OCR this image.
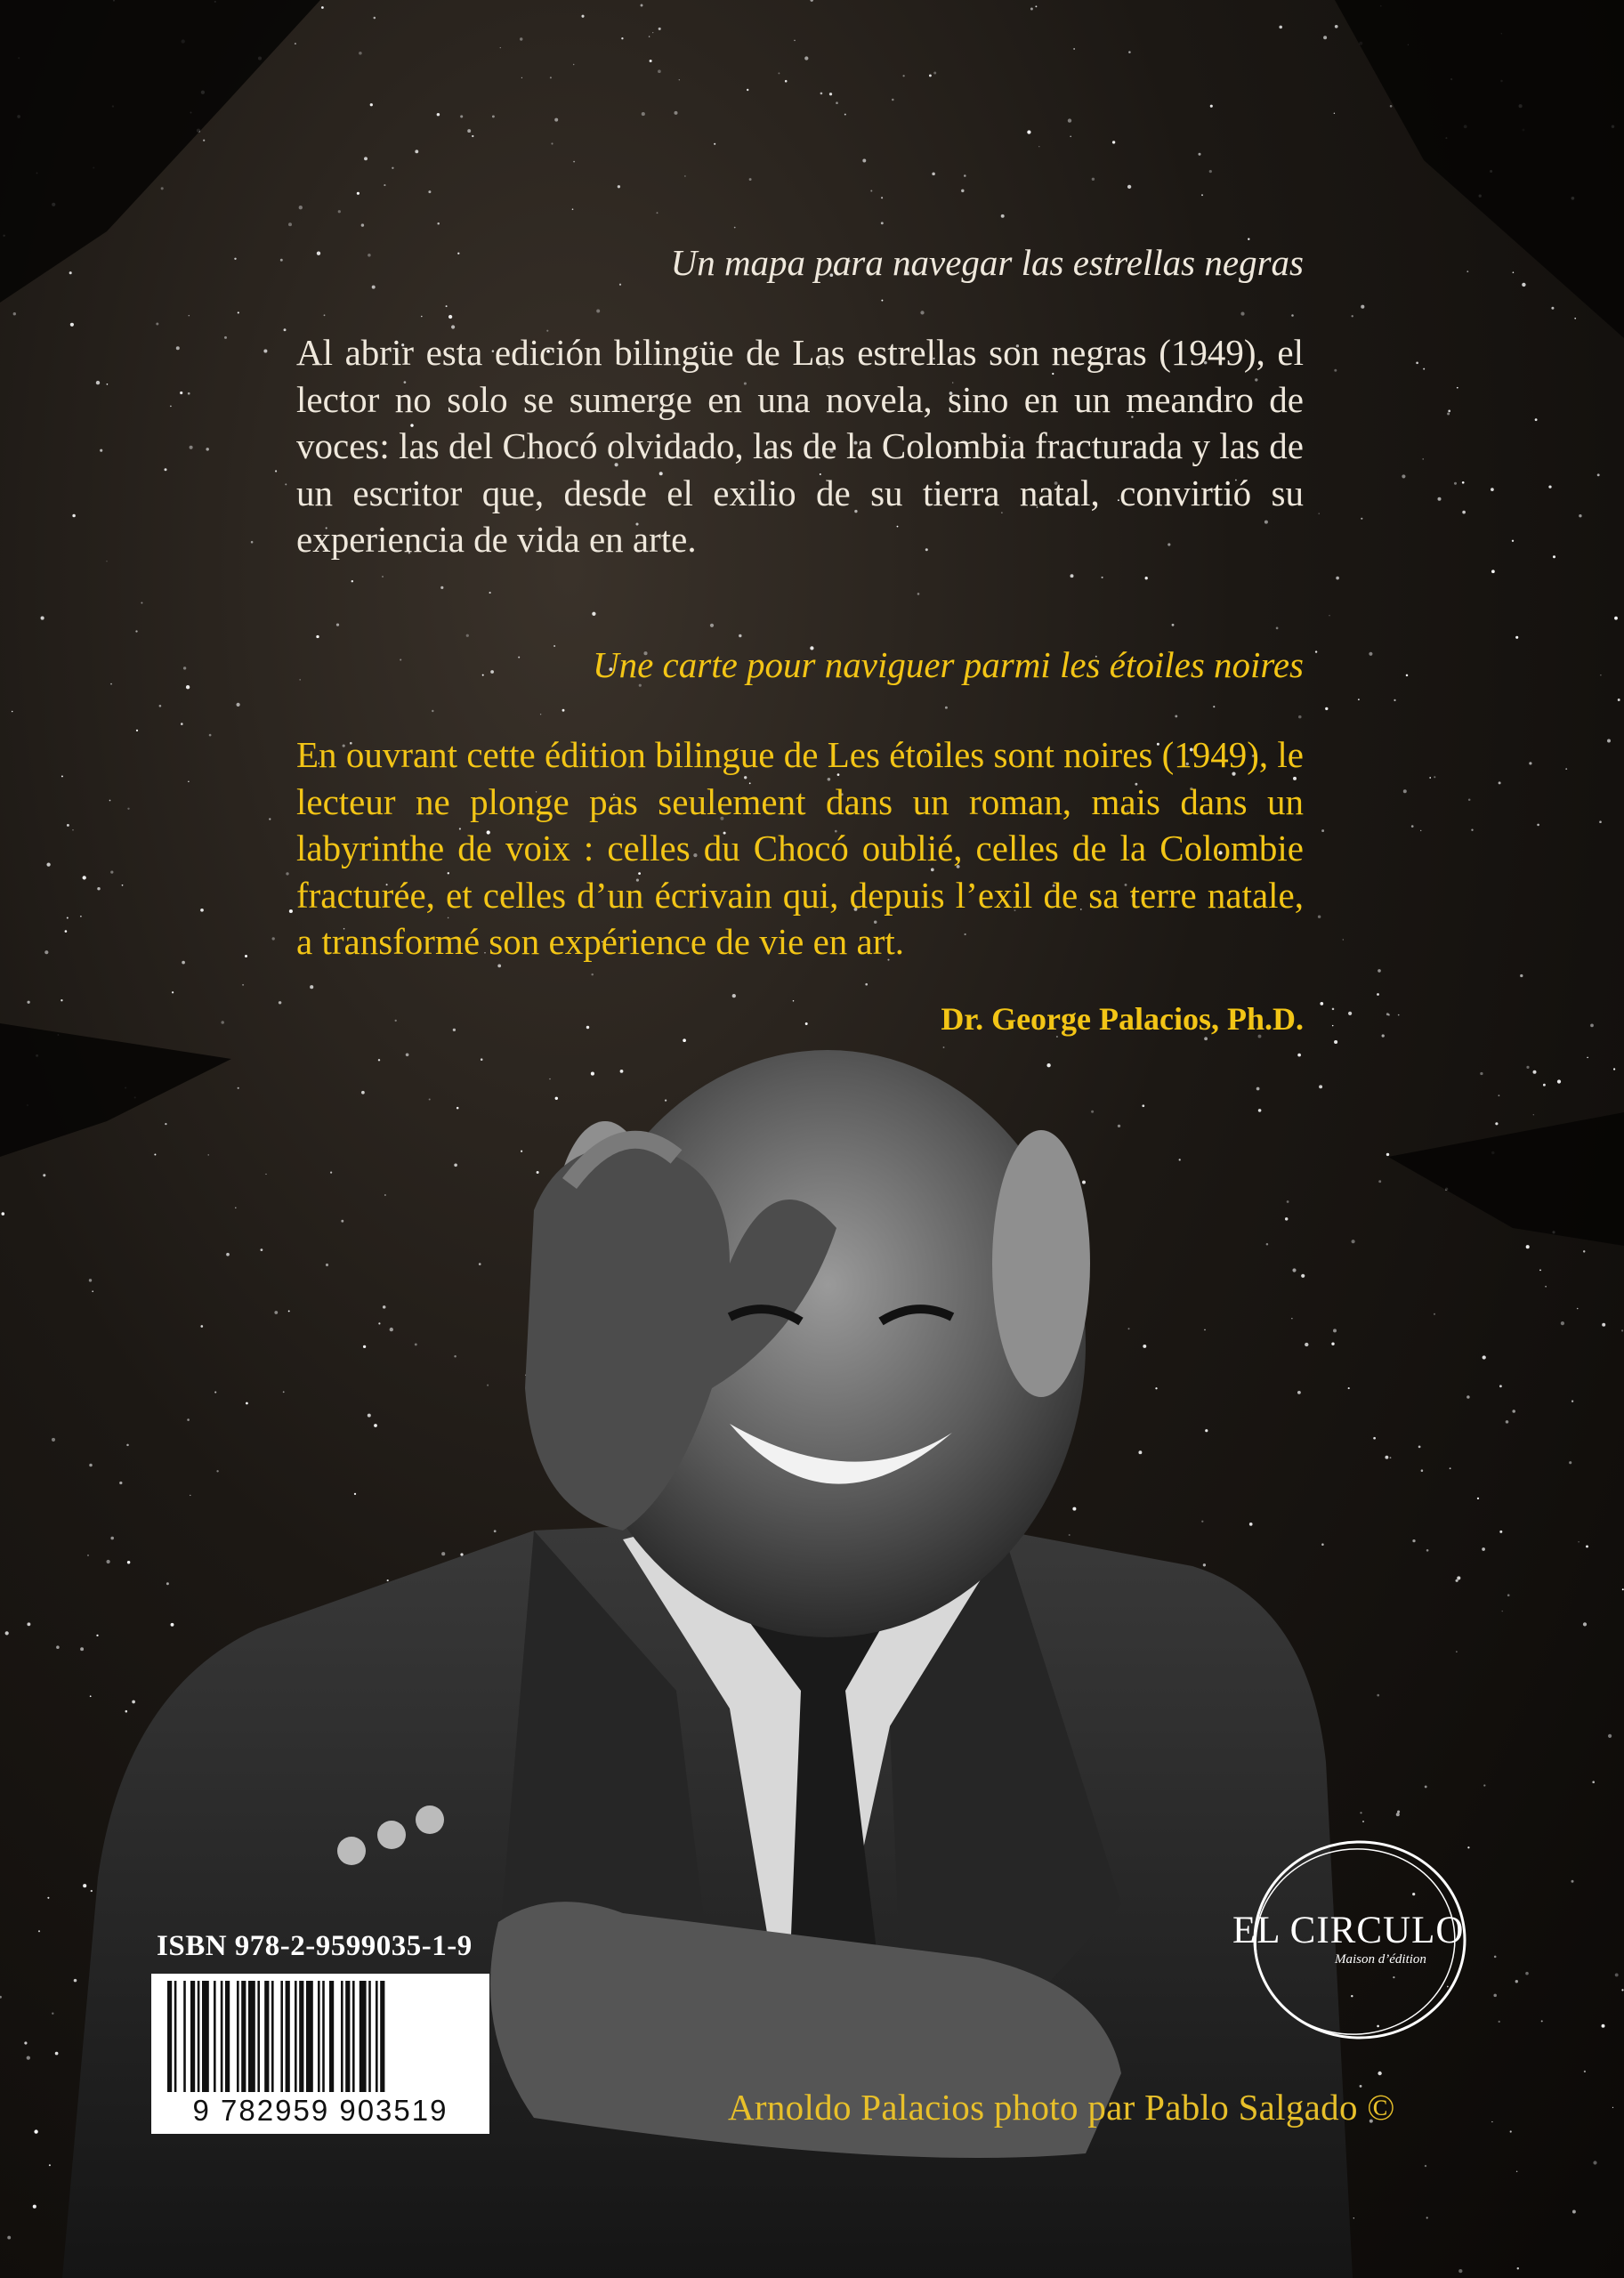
Un mapa para navegar las estrellas negras

Al abrir esta edición bilingüe de Las estrellas son negras (1949), el lector no solo se sumerge en una novela, sino en un meandro de voces: las del Chocó olvidado, las de la Colombia fracturada y las de un escritor que, desde el exilio de su tierra natal, convirtió su experiencia de vida en arte.

Une carte pour naviguer parmi les étoiles noires

En ouvrant cette édition bilingue de Les étoiles sont noires (1949), le lecteur ne plonge pas seulement dans un roman, mais dans un labyrinthe de voix : celles du Chocó oublié, celles de la Colombie fracturée, et celles d’un écrivain qui, depuis l’exil de sa terre natale, a transformé son expérience de vie en art.

Dr. George Palacios, Ph.D.
ISBN 978-2-9599035-1-9
9 782959 903519
EL CIRCULO
Maison d’édition
Arnoldo Palacios photo par Pablo Salgado ©
